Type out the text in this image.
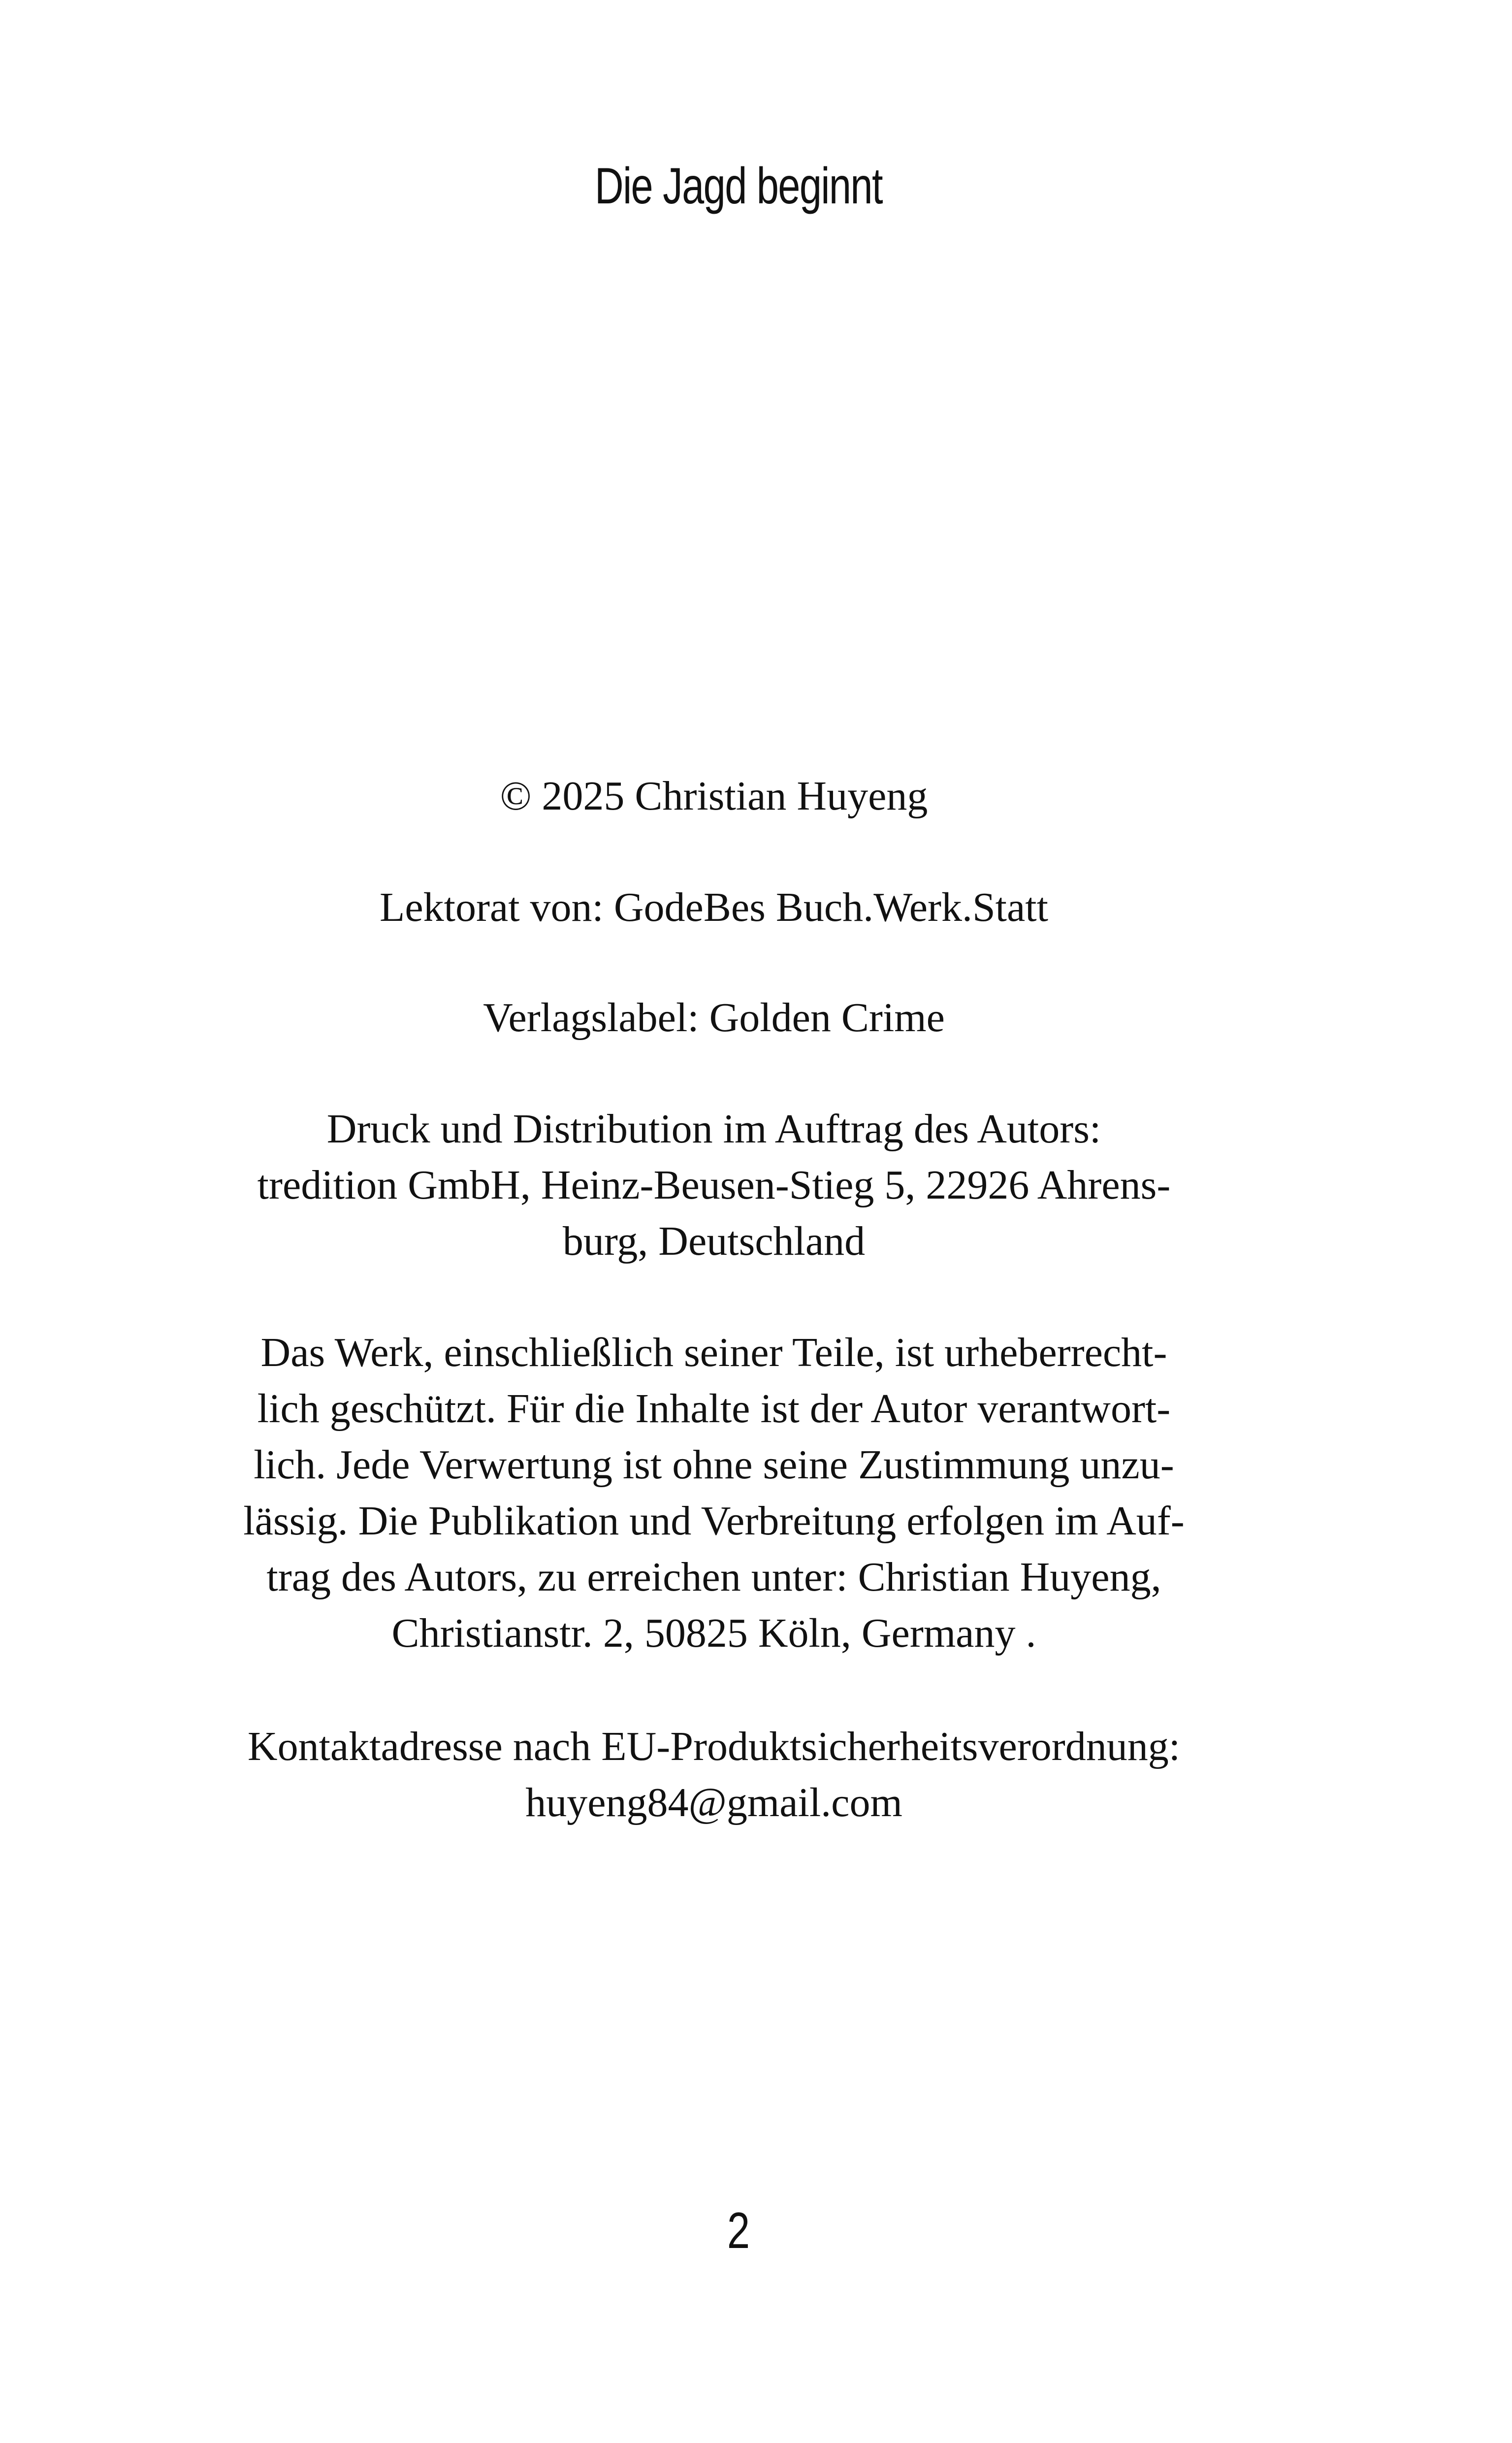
Die Jagd beginnt

© 2025 Christian Huyeng

Lektorat von: GodeBes Buch.Werk.Statt

Verlagslabel: Golden Crime

Druck und Distribution im Auftrag des Autors:
tredition GmbH, Heinz-Beusen-Stieg 5, 22926 Ahrens-
burg, Deutschland
Das Werk, einschließlich seiner Teile, ist urheberrecht-
lich geschützt. Für die Inhalte ist der Autor verantwort-
lich. Jede Verwertung ist ohne seine Zustimmung unzu-
lässig. Die Publikation und Verbreitung erfolgen im Auf-
trag des Autors, zu erreichen unter: Christian Huyeng,
Christianstr. 2, 50825 Köln, Germany .
Kontaktadresse nach EU-Produktsicherheitsverordnung:
huyeng84@gmail.com
2
